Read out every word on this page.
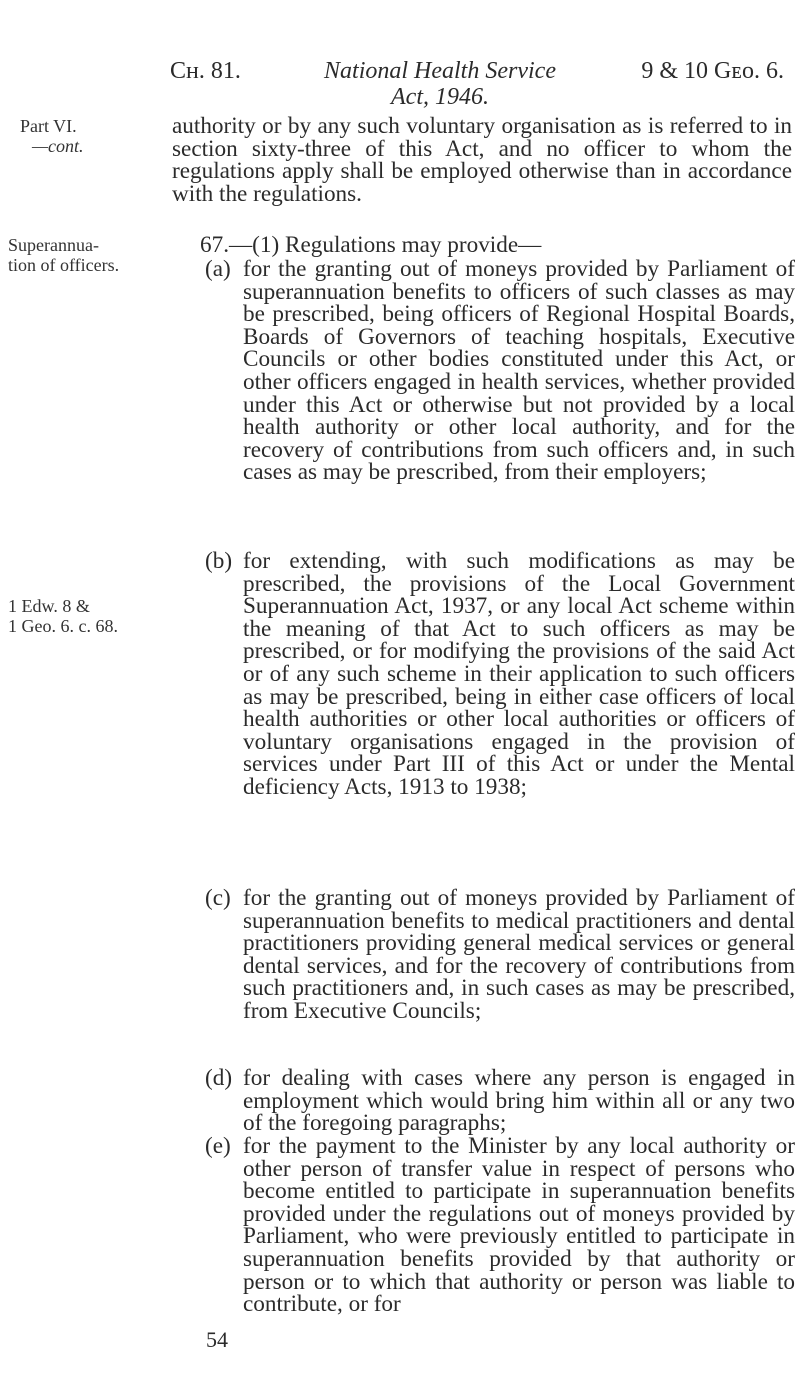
Cн. 81.	National Health Service
Act, 1946.
9 & 10 Gᴇᴏ. 6.
Part VI.
—cont.
Superannua-
tion of officers.
1 Edw. 8 &
1 Geo. 6. c. 68.
authority or by any such voluntary organisation as is referred to in section sixty-three of this Act, and no officer to whom the regulations apply shall be employed otherwise than in accordance with the regulations.
67.—(1) Regulations may provide—
(a) for the granting out of moneys provided by Parliament of superannuation benefits to officers of such classes as may be prescribed, being officers of Regional Hospital Boards, Boards of Governors of teaching hospitals, Executive Councils or other bodies constituted under this Act, or other officers engaged in health services, whether provided under this Act or otherwise but not provided by a local health authority or other local authority, and for the recovery of contributions from such officers and, in such cases as may be prescribed, from their employers;
(b) for extending, with such modifications as may be prescribed, the provisions of the Local Government Superannuation Act, 1937, or any local Act scheme within the meaning of that Act to such officers as may be prescribed, or for modifying the provisions of the said Act or of any such scheme in their application to such officers as may be prescribed, being in either case officers of local health authorities or other local authorities or officers of voluntary organisations engaged in the provision of services under Part III of this Act or under the Mental deficiency Acts, 1913 to 1938;
(c) for the granting out of moneys provided by Parliament of superannuation benefits to medical practitioners and dental practitioners providing general medical services or general dental services, and for the recovery of contributions from such practitioners and, in such cases as may be prescribed, from Executive Councils;
(d) for dealing with cases where any person is engaged in employment which would bring him within all or any two of the foregoing paragraphs;
(e) for the payment to the Minister by any local authority or other person of transfer value in respect of persons who become entitled to participate in superannuation benefits provided under the regulations out of moneys provided by Parliament, who were previously entitled to participate in superannuation benefits provided by that authority or person or to which that authority or person was liable to contribute, or for
54
